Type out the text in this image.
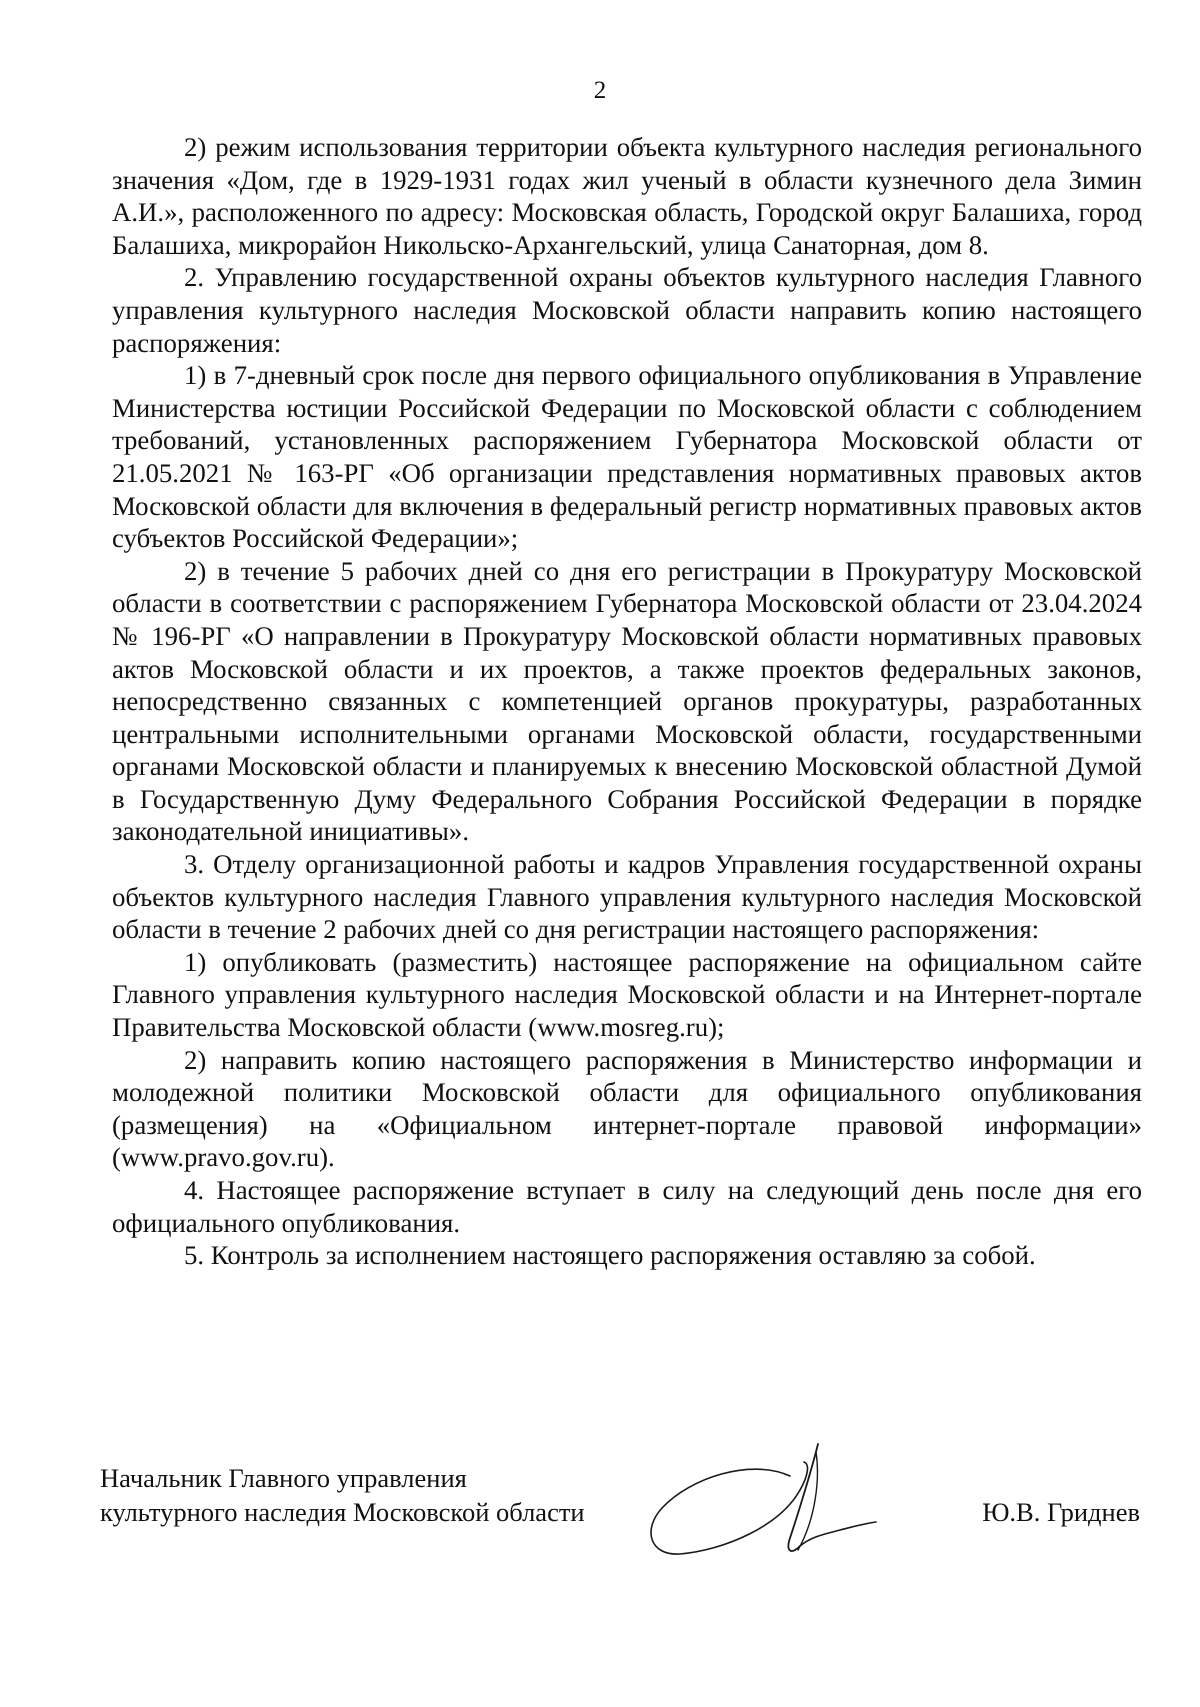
2

2) режим использования территории объекта культурного наследия регионального значения «Дом, где в 1929-1931 годах жил ученый в области кузнечного дела Зимин А.И.», расположенного по адресу: Московская область, Городской округ Балашиха, город Балашиха, микрорайон Никольско-Архангельский, улица Санаторная, дом 8.

2. Управлению государственной охраны объектов культурного наследия Главного управления культурного наследия Московской области направить копию настоящего распоряжения:

1) в 7-дневный срок после дня первого официального опубликования в Управление Министерства юстиции Российской Федерации по Московской области с соблюдением требований, установленных распоряжением Губернатора Московской области от 21.05.2021 № 163-РГ «Об организации представления нормативных правовых актов Московской области для включения в федеральный регистр нормативных правовых актов субъектов Российской Федерации»;

2) в течение 5 рабочих дней со дня его регистрации в Прокуратуру Московской области в соответствии с распоряжением Губернатора Московской области от 23.04.2024 № 196-РГ «О направлении в Прокуратуру Московской области нормативных правовых актов Московской области и их проектов, а также проектов федеральных законов, непосредственно связанных с компетенцией органов прокуратуры, разработанных центральными исполнительными органами Московской области, государственными органами Московской области и планируемых к внесению Московской областной Думой в Государственную Думу Федерального Собрания Российской Федерации в порядке законодательной инициативы».

3. Отделу организационной работы и кадров Управления государственной охраны объектов культурного наследия Главного управления культурного наследия Московской области в течение 2 рабочих дней со дня регистрации настоящего распоряжения:

1) опубликовать (разместить) настоящее распоряжение на официальном сайте Главного управления культурного наследия Московской области и на Интернет-портале Правительства Московской области (www.mosreg.ru);

2) направить копию настоящего распоряжения в Министерство информации и молодежной политики Московской области для официального опубликования (размещения) на «Официальном интернет-портале правовой информации» (www.pravo.gov.ru).

4. Настоящее распоряжение вступает в силу на следующий день после дня его официального опубликования.

5. Контроль за исполнением настоящего распоряжения оставляю за собой.

Начальник Главного управления
культурного наследия Московской области	Ю.В. Гриднев
